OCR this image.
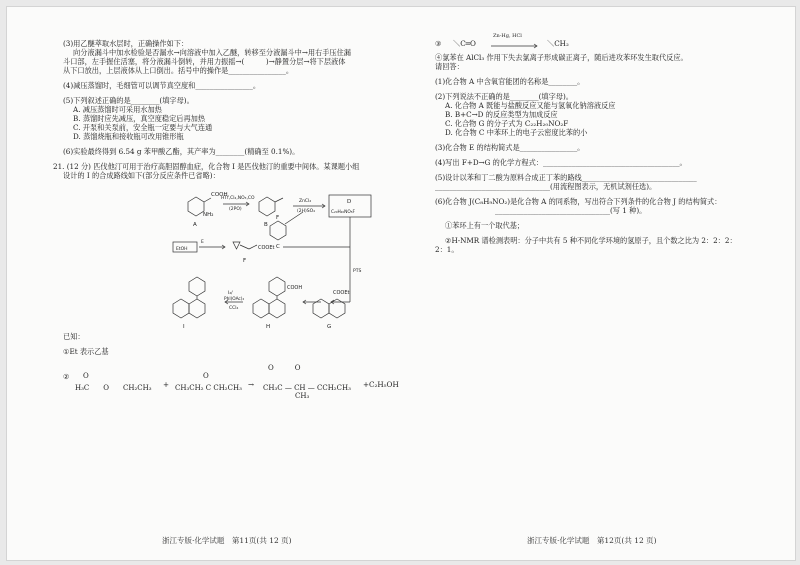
(3)用乙醚萃取水层时，正确操作如下：

向分液漏斗中加水检验是否漏水→向溶液中加入乙醚，转移至分液漏斗中→用右手压住漏

斗口部，左手握住活塞，将分液漏斗倒转，并用力振摇→(　　　)→静置分层→将下层液体

从下口放出，上层液体从上口倒出。括号中的操作是________________。

(4)减压蒸馏时，毛细管可以调节真空度和________________。

(5)下列叙述正确的是________(填字母)。

A. 减压蒸馏时可采用水加热

B. 蒸馏时应先减压，真空度稳定后再加热

C. 开泵和关泵前，安全瓶一定要与大气连通

D. 蒸馏烧瓶和接收瓶可改用锥形瓶

(6)实验最终得到 6.54 g 苯甲酸乙酯，其产率为________(精确至 0.1%)。

21. (12 分) 匹伐他汀可用于治疗高胆固醇血症，化合物 I 是匹伐他汀的重要中间体。某课题小组

设计的 I 的合成路线如下(部分反应条件已省略)：

COOH
NH₂
A
HTf,Cl₂,NO₃,CO
(2PO)
B
ZnCl₂
(2H)SO₄
D
C₂₀H₂₀NO₅F
C
F
EtOH
E
COOEt
F
PTS
I₂/
PhI(OAc)₂
CCl₄
I
COOH
H	G
COOEt

已知：

①Et 表示乙基

② O
H₃C　　O　　CH₂CH₃ +
O
CH₃CH₂ C CH₂CH₃ →
O　　　O
CH₃C — CH — CCH₂CH₃
CH₃
+C₂H₅OH
③ ＼C═O
Zn-Hg, HCl
＼CH₂

④氯苯在 AlCl₃ 作用下失去氯离子形成碳正离子，随后进攻苯环发生取代反应。

请回答：

(1)化合物 A 中含氧官能团的名称是________。

(2)下列说法不正确的是________(填字母)。

A. 化合物 A 既能与盐酸反应又能与氢氧化钠溶液反应

B. B+C→D 的反应类型为加成反应

C. 化合物 G 的分子式为 C₂₂H₂₀NO₂F

D. 化合物 C 中苯环上的电子云密度比苯的小

(3)化合物 E 的结构简式是________________。

(4)写出 F+D→G 的化学方程式：______________________________________。

(5)设计以苯和丁二酸为原料合成正丁苯的路线________________________________

________________________________(用流程图表示，无机试剂任选)。

(6)化合物 J(C₈H₉NO₂)是化合物 A 的同系物，写出符合下列条件的化合物 J 的结构简式：

________________________________(写 1 种)。

①苯环上有一个取代基；

②H-NMR 谱检测表明：分子中共有 5 种不同化学环境的氢原子，且个数之比为 2：2：2：

2：1。

浙江专版·化学试题　第11页(共 12 页)	浙江专版·化学试题　第12页(共 12 页)
